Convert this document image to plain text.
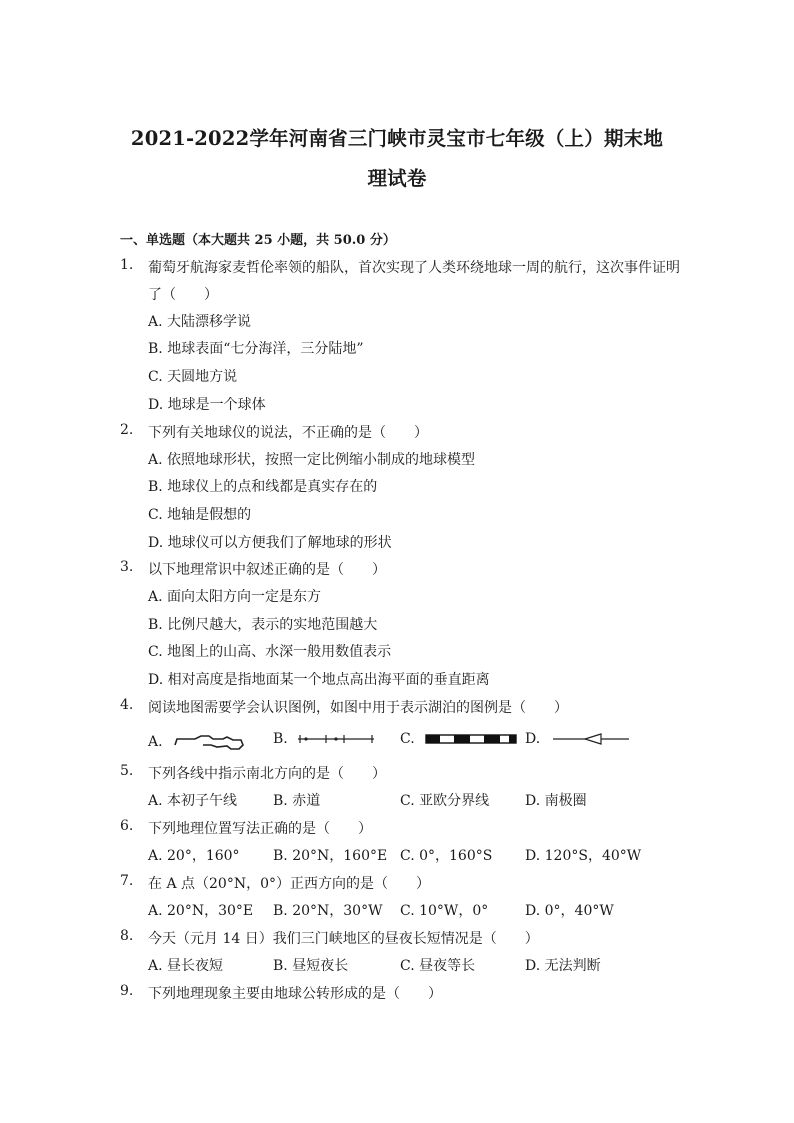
2021-2022学年河南省三门峡市灵宝市七年级（上）期末地
理试卷
一、单选题（本大题共 25 小题，共 50.0 分）
1. 葡萄牙航海家麦哲伦率领的船队，首次实现了人类环绕地球一周的航行，这次事件证明
了（　　）
A. 大陆漂移学说
B. 地球表面“七分海洋，三分陆地”
C. 天圆地方说
D. 地球是一个球体
2. 下列有关地球仪的说法，不正确的是（　　）
A. 依照地球形状，按照一定比例缩小制成的地球模型
B. 地球仪上的点和线都是真实存在的
C. 地轴是假想的
D. 地球仪可以方便我们了解地球的形状
3. 以下地理常识中叙述正确的是（　　）
A. 面向太阳方向一定是东方
B. 比例尺越大，表示的实地范围越大
C. 地图上的山高、水深一般用数值表示
D. 相对高度是指地面某一个地点高出海平面的垂直距离
4. 阅读地图需要学会认识图例，如图中用于表示湖泊的图例是（　　）
A.	B.	C.	D.
5. 下列各线中指示南北方向的是（　　）
A. 本初子午线	B. 赤道	C. 亚欧分界线	D. 南极圈
6. 下列地理位置写法正确的是（　　）
A. 20°，160° B. 20°N，160°E C. 0°，160°S D. 120°S，40°W
7. 在 A 点（20°N，0°）正西方向的是（　　）
A. 20°N，30°E B. 20°N，30°W C. 10°W，0°	D. 0°，40°W
8. 今天（元月 14 日）我们三门峡地区的昼夜长短情况是（　　）
A. 昼长夜短	B. 昼短夜长	C. 昼夜等长	D. 无法判断
9. 下列地理现象主要由地球公转形成的是（　　）
